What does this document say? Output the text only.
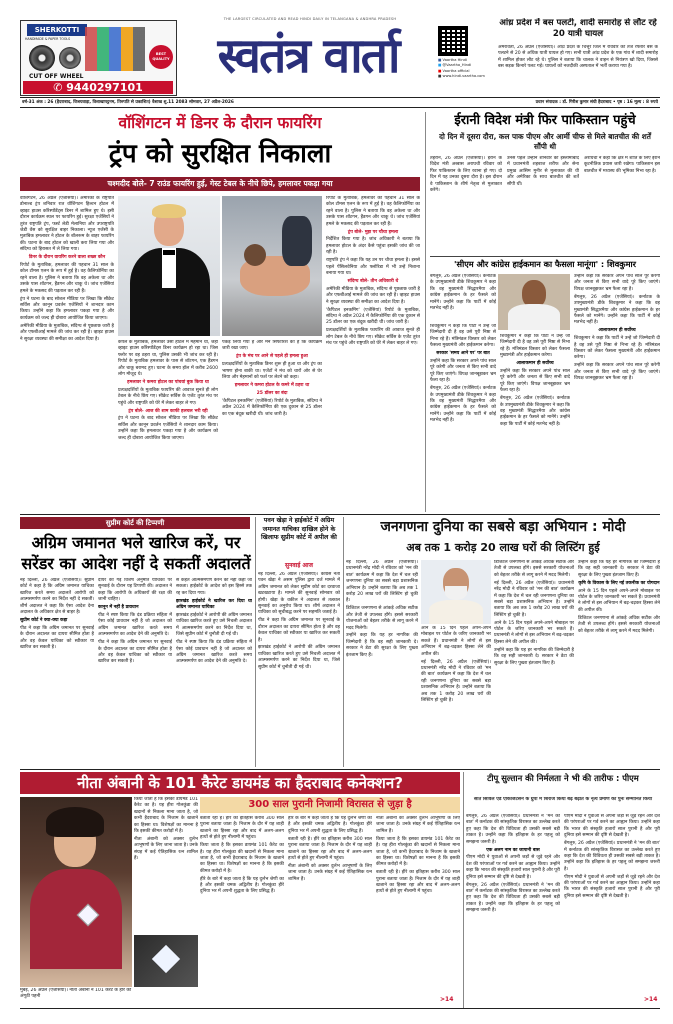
SHERKOTTI
HANDMADE & PAPER TOOLS
BEST QUALITY
CUT OFF WHEEL
✆ 9440297101
THE LARGEST CIRCULATED AND READ HINDI DAILY IN TELANGANA & ANDHRA PRADESH
स्वतंत्र वार्ता	■ Vaartha Hindi
■ @Vaartha_Hindi
■ Vaartha official
■ www.hindi.vaartha.com
आंध्र प्रदेश में बस पलटी, शादी समारोह से लौट रहे 20 यात्री घायल
अमरावती, 26 अप्रैल (एजेंसियां)। आंध्र प्रदेश के चित्तूर जिले में रविवार को तेज रफ्तार बस के पलटने से 20 से अधिक यात्री घायल हो गए। सभी यात्री आंध्र प्रदेश के एक गांव में शादी समारोह में शामिल होकर लौट रहे थे। पुलिस ने बताया कि चालक ने वाहन से नियंत्रण खो दिया, जिससे बस सड़क किनारे पलट गई। घायलों को नजदीकी अस्पताल में भर्ती कराया गया है।
वर्ष-31 अंक : 26 (हैदराबाद, विजयवाड़ा, विशाखापट्टनम, तिरुपति से प्रकाशित) वैशाख शु.11 2083 सोमवार, 27 अप्रैल-2026	प्रधान संपादक : डॉ. गिरीश कुमार संघी हैदराबाद • पृष्ठ : 16 मूल्य : 8 रुपये
वॉशिंगटन में डिनर के दौरान फायरिंग
ट्रंप को सुरक्षित निकाला
चश्मदीद बोले- 7 राउंड फायरिंग हुई, गेस्ट टेबल के नीचे छिपे, हमलावर पकड़ा गया

वॉशिंगटन, 26 अप्रैल (एजेंसियां)। अमेरिका के राष्ट्रपति डोनाल्ड ट्रंप शनिवार रात वॉशिंगटन हिल्टन होटल में व्हाइट हाउस कॉरेस्पोंडेंट्स डिनर में शामिल हुए थे। इसी दौरान कार्यक्रम स्थल पर फायरिंग हुई। सुरक्षा एजेंसियों ने तुरंत राष्ट्रपति ट्रंप, फर्स्ट लेडी मेलानिया और उपराष्ट्रपति जेडी वेंस को सुरक्षित बाहर निकाला। न्यूज एजेंसी के मुताबिक हमलावर ने होटल के बॉलरूम के बाहर फायरिंग की। घटना के बाद होटल को खाली करा लिया गया और संदिग्ध को हिरासत में ले लिया गया।

डिनर के दौरान वायरिंग करने वाला शख्स कौन

रिपोर्ट के मुताबिक, हमलावर की पहचान 31 साल के कोल टॉमस एलन के रूप में हुई है। वह कैलिफोर्निया का रहने वाला है। पुलिस ने बताया कि वह अकेला था और उसके पास शॉटगन, हैंडगन और चाकू थे। जांच एजेंसियां हमले के मकसद की पड़ताल कर रही हैं।

ट्रंप ने घटना के बाद सोशल मीडिया पर लिखा कि सीक्रेट सर्विस और कानून प्रवर्तन एजेंसियों ने शानदार काम किया। उन्होंने कहा कि हमलावर पकड़ा गया है और कार्यक्रम को जल्द ही दोबारा आयोजित किया जाएगा।

अमेरिकी मीडिया के मुताबिक, संदिग्ध से पूछताछ जारी है और एफबीआई मामले की जांच कर रही है। व्हाइट हाउस ने सुरक्षा व्यवस्था की समीक्षा का आदेश दिया है।

कैपल के मुताबिक, हमलावर उसी होटल में मेहमान था, जहां व्हाइट हाउस कॉरेस्पोंडेंट्स डिनर कार्यक्रम हो रहा था। जिस फ्लोर पर वह ठहरा था, पुलिस उसकी भी जांच कर रही है। रिपोर्ट के मुताबिक हमलावर के पास से शॉटगन, एक हैंडगन और चाकू बरामद हुए। घटना के समय हॉल में करीब 2600 लोग मौजूद थे।

हमलावर ने कमरा होटल का पांचवां बुक किया था

प्रत्यक्षदर्शियों के मुताबिक फायरिंग की आवाज सुनते ही लोग टेबल के नीचे छिप गए। सीक्रेट सर्विस के एजेंट तुरंत मंच पर पहुंचे और राष्ट्रपति को घेरे में लेकर बाहर ले गए।

ट्रंप बोले- आज की शाम काफी हलचल भरी रही

ट्रंप ने घटना के बाद सोशल मीडिया पर लिखा कि सीक्रेट सर्विस और कानून प्रवर्तन एजेंसियों ने शानदार काम किया। उन्होंने कहा कि हमलावर पकड़ा गया है और कार्यक्रम को जल्द ही दोबारा आयोजित किया जाएगा।

पकड़ लिया गया है और मैंने सिफारिश की है कि कार्यक्रम जारी रखा जाए।

ट्रंप के मंच पर आने से पहले ही हमला हुआ

प्रत्यक्षदर्शियों के मुताबिक डिनर शुरू ही हुआ था और ट्रंप का भाषण होना बाकी था। एजेंटों ने मंच को चारों ओर से घेर लिया और मेहमानों को फर्श पर लेटने को कहा।

हमलावर ने कमरा होटल के कमरे में ठहरा था

25 डॉलर का बंदा

'कैपिटल इनकमिंग' (एजेंसियां) रिपोर्ट के मुताबिक, संदिग्ध ने अप्रैल 2024 में कैलिफोर्निया की एक दुकान से 25 डॉलर का एक बंदूक खरीदी थी। जांच जारी है।

रिपोर्ट के मुताबिक, हमलावर की पहचान 31 साल के कोल टॉमस एलन के रूप में हुई है। वह कैलिफोर्निया का रहने वाला है। पुलिस ने बताया कि वह अकेला था और उसके पास शॉटगन, हैंडगन और चाकू थे। जांच एजेंसियां हमले के मकसद की पड़ताल कर रही हैं।

ट्रंप बोले- मुझ पर चौथा हमला

निर्देशित किया गया है। जांच अधिकारी ने बताया कि हमलावर होटल के अंदर कैसे पहुंचा इसकी जांच की जा रही है।

राष्ट्रपति ट्रंप ने कहा कि यह उन पर चौथा हमला है। इससे पहले पेंसिलवेनिया और फ्लोरिडा में भी उन्हें निशाना बनाया गया था।

संदिग्ध बोले- तीन अधिकारी थे

अमेरिकी मीडिया के मुताबिक, संदिग्ध से पूछताछ जारी है और एफबीआई मामले की जांच कर रही है। व्हाइट हाउस ने सुरक्षा व्यवस्था की समीक्षा का आदेश दिया है।

'कैपिटल इनकमिंग' (एजेंसियां) रिपोर्ट के मुताबिक, संदिग्ध ने अप्रैल 2024 में कैलिफोर्निया की एक दुकान से 25 डॉलर का एक बंदूक खरीदी थी। जांच जारी है।

प्रत्यक्षदर्शियों के मुताबिक फायरिंग की आवाज सुनते ही लोग टेबल के नीचे छिप गए। सीक्रेट सर्विस के एजेंट तुरंत मंच पर पहुंचे और राष्ट्रपति को घेरे में लेकर बाहर ले गए।

ईरानी विदेश मंत्री फिर पाकिस्तान पहुंचे
दो दिन में दूसरा दौरा, कल पाक पीएम और आर्मी चीफ से मिले बातचीत की शर्तें सौंपी थी
तेहरान, 26 अप्रैल (एजेंसियां)। ईरान के विदेश मंत्री अब्बास अराघची रविवार को फिर पाकिस्तान के लिए रवाना हो गए। दो दिन में यह उनका दूसरा दौरा है। इस दौरान वे पाकिस्तान के शीर्ष नेतृत्व से मुलाकात करेंगे।
उनसे पहले उन्होंने शनिवार को इस्लामाबाद में प्रधानमंत्री शहबाज शरीफ और सेना प्रमुख आसिम मुनीर से मुलाकात की थी और अमेरिका के साथ बातचीत की शर्तें सौंपी थीं।
अराघची ने कहा कि क्षेत्र में शांति के लिए ईरान कूटनीतिक प्रयास जारी रखेगा। पाकिस्तान इस बातचीत में मध्यस्थ की भूमिका निभा रहा है।
'सीएम और कांग्रेस हाईकमान का फैसला मानूंगा' : शिवकुमार

बेंगलुरु, 26 अप्रैल (एजेंसियां)। कर्नाटक के उपमुख्यमंत्री डीके शिवकुमार ने कहा कि वह मुख्यमंत्री सिद्धारमैया और कांग्रेस हाईकमान के हर फैसले को मानेंगे। उन्होंने कहा कि पार्टी में कोई मतभेद नहीं है।

शिवकुमार ने कहा कि पार्टी ने उन्हें जो जिम्मेदारी दी है वह उसे पूरी निष्ठा से निभा रहे हैं। मंत्रिमंडल विस्तार को लेकर फैसला मुख्यमंत्री और हाईकमान करेगा।

सरकार 'समय आने पर' पर बात

उन्होंने कहा कि सरकार अपने पांच साल पूरे करेगी और जनता से किए सभी वादे पूरे किए जाएंगे। विपक्ष जानबूझकर भ्रम फैला रहा है।

बेंगलुरु, 26 अप्रैल (एजेंसियां)। कर्नाटक के उपमुख्यमंत्री डीके शिवकुमार ने कहा कि वह मुख्यमंत्री सिद्धारमैया और कांग्रेस हाईकमान के हर फैसले को मानेंगे। उन्होंने कहा कि पार्टी में कोई मतभेद नहीं है।

शिवकुमार ने कहा कि पार्टी ने उन्हें जो जिम्मेदारी दी है वह उसे पूरी निष्ठा से निभा रहे हैं। मंत्रिमंडल विस्तार को लेकर फैसला मुख्यमंत्री और हाईकमान करेगा।

आलाकमान ही सर्वोच्च

उन्होंने कहा कि सरकार अपने पांच साल पूरे करेगी और जनता से किए सभी वादे पूरे किए जाएंगे। विपक्ष जानबूझकर भ्रम फैला रहा है।

बेंगलुरु, 26 अप्रैल (एजेंसियां)। कर्नाटक के उपमुख्यमंत्री डीके शिवकुमार ने कहा कि वह मुख्यमंत्री सिद्धारमैया और कांग्रेस हाईकमान के हर फैसले को मानेंगे। उन्होंने कहा कि पार्टी में कोई मतभेद नहीं है।

उन्होंने कहा कि सरकार अपने पांच साल पूरे करेगी और जनता से किए सभी वादे पूरे किए जाएंगे। विपक्ष जानबूझकर भ्रम फैला रहा है।

बेंगलुरु, 26 अप्रैल (एजेंसियां)। कर्नाटक के उपमुख्यमंत्री डीके शिवकुमार ने कहा कि वह मुख्यमंत्री सिद्धारमैया और कांग्रेस हाईकमान के हर फैसले को मानेंगे। उन्होंने कहा कि पार्टी में कोई मतभेद नहीं है।

आलाकमान ही सर्वोच्च

शिवकुमार ने कहा कि पार्टी ने उन्हें जो जिम्मेदारी दी है वह उसे पूरी निष्ठा से निभा रहे हैं। मंत्रिमंडल विस्तार को लेकर फैसला मुख्यमंत्री और हाईकमान करेगा।

उन्होंने कहा कि सरकार अपने पांच साल पूरे करेगी और जनता से किए सभी वादे पूरे किए जाएंगे। विपक्ष जानबूझकर भ्रम फैला रहा है।

सुप्रीम कोर्ट की टिप्पणी
अग्रिम जमानत भले खारिज करें, पर सरेंडर का आदेश नहीं दे सकतीं अदालतें

नई दिल्ली, 26 अप्रैल (एजेंसियां)। सुप्रीम कोर्ट ने कहा है कि अग्रिम जमानत याचिका खारिज करते समय अदालतें आरोपी को आत्मसमर्पण करने का निर्देश नहीं दे सकतीं। शीर्ष अदालत ने कहा कि ऐसा आदेश देना अदालत के अधिकार क्षेत्र से बाहर है।

सुप्रीम कोर्ट ने क्या-क्या कहा

पीठ ने कहा कि अग्रिम जमानत पर सुनवाई के दौरान अदालत का दायरा सीमित होता है और वह केवल याचिका को स्वीकार या खारिज कर सकती है।

दायर की गई विशेष अनुमति याचिका पर सुनवाई के दौरान यह टिप्पणी की। अदालत ने कहा कि आरोपी के अधिकारों की रक्षा की जानी चाहिए।

कानून में नहीं है प्रावधान

पीठ ने स्पष्ट किया कि दंड प्रक्रिया संहिता में ऐसा कोई प्रावधान नहीं है जो अदालत को अग्रिम जमानत खारिज करते समय आत्मसमर्पण का आदेश देने की अनुमति दे।

पीठ ने कहा कि अग्रिम जमानत पर सुनवाई के दौरान अदालत का दायरा सीमित होता है और वह केवल याचिका को स्वीकार या खारिज कर सकती है।

से कहते आत्मसमर्पण करने को नहीं कहा जा सकता। हाईकोर्ट के आदेश को इस हिस्से तक रद्द कर दिया गया।

झारखंड हाईकोर्ट ने खारिज कर दिया था अग्रिम जमानत याचिका

झारखंड हाईकोर्ट ने आरोपी की अग्रिम जमानत याचिका खारिज करते हुए उसे निचली अदालत में आत्मसमर्पण करने का निर्देश दिया था, जिसे सुप्रीम कोर्ट में चुनौती दी गई थी।

पीठ ने स्पष्ट किया कि दंड प्रक्रिया संहिता में ऐसा कोई प्रावधान नहीं है जो अदालत को अग्रिम जमानत खारिज करते समय आत्मसमर्पण का आदेश देने की अनुमति दे।

पवन खेड़ा ने हाईकोर्ट में अग्रिम जमानत याचिका दाखिल होने के खिलाफ सुप्रीम कोर्ट में अपील की
सुनवाई आज

नई दिल्ली, 26 अप्रैल (एजेंसियां)। कांग्रेस नेता पवन खेड़ा ने असम पुलिस द्वारा दर्ज मामले में अग्रिम जमानत को लेकर सुप्रीम कोर्ट का दरवाजा खटखटाया है। मामले की सुनवाई सोमवार को होगी। खेड़ा के वकील ने अदालत से तत्काल सुनवाई का अनुरोध किया था। शीर्ष अदालत ने याचिका को सूचीबद्ध करने पर सहमति जताई है।

पीठ ने कहा कि अग्रिम जमानत पर सुनवाई के दौरान अदालत का दायरा सीमित होता है और वह केवल याचिका को स्वीकार या खारिज कर सकती है।

झारखंड हाईकोर्ट ने आरोपी की अग्रिम जमानत याचिका खारिज करते हुए उसे निचली अदालत में आत्मसमर्पण करने का निर्देश दिया था, जिसे सुप्रीम कोर्ट में चुनौती दी गई थी।

जनगणना दुनिया का सबसे बड़ा अभियान : मोदी
अब तक 1 करोड़ 20 लाख घरों की लिस्टिंग हुई

नई दिल्ली, 26 अप्रैल (एजेंसियां)। प्रधानमंत्री नरेंद्र मोदी ने रविवार को 'मन की बात' कार्यक्रम में कहा कि देश में चल रही जनगणना दुनिया का सबसे बड़ा प्रशासनिक अभियान है। उन्होंने बताया कि अब तक 1 करोड़ 20 लाख घरों की लिस्टिंग हो चुकी है।

डिजिटल जनगणना से आंकड़े अधिक सटीक और तेजी से उपलब्ध होंगे। इससे सरकारी योजनाओं को बेहतर तरीके से लागू करने में मदद मिलेगी।

उन्होंने कहा कि यह हर नागरिक की जिम्मेदारी है कि वह सही जानकारी दे। सरकार ने डेटा की सुरक्षा के लिए पुख्ता इंतजाम किए हैं।

आने के 15 दिन पहले अपने-अपने मोबाइल पर पोर्टल के जरिए जानकारी भर सकते हैं। प्रधानमंत्री ने लोगों से इस अभियान में बढ़-चढ़कर हिस्सा लेने की अपील की।

नई दिल्ली, 26 अप्रैल (एजेंसियां)। प्रधानमंत्री नरेंद्र मोदी ने रविवार को 'मन की बात' कार्यक्रम में कहा कि देश में चल रही जनगणना दुनिया का सबसे बड़ा प्रशासनिक अभियान है। उन्होंने बताया कि अब तक 1 करोड़ 20 लाख घरों की लिस्टिंग हो चुकी है।

डिजिटल जनगणना से आंकड़े अधिक सटीक और तेजी से उपलब्ध होंगे। इससे सरकारी योजनाओं को बेहतर तरीके से लागू करने में मदद मिलेगी।

नई दिल्ली, 26 अप्रैल (एजेंसियां)। प्रधानमंत्री नरेंद्र मोदी ने रविवार को 'मन की बात' कार्यक्रम में कहा कि देश में चल रही जनगणना दुनिया का सबसे बड़ा प्रशासनिक अभियान है। उन्होंने बताया कि अब तक 1 करोड़ 20 लाख घरों की लिस्टिंग हो चुकी है।

आने के 15 दिन पहले अपने-अपने मोबाइल पर पोर्टल के जरिए जानकारी भर सकते हैं। प्रधानमंत्री ने लोगों से इस अभियान में बढ़-चढ़कर हिस्सा लेने की अपील की।

उन्होंने कहा कि यह हर नागरिक की जिम्मेदारी है कि वह सही जानकारी दे। सरकार ने डेटा की सुरक्षा के लिए पुख्ता इंतजाम किए हैं।

उन्होंने कहा कि यह हर नागरिक की जिम्मेदारी है कि वह सही जानकारी दे। सरकार ने डेटा की सुरक्षा के लिए पुख्ता इंतजाम किए हैं।

कृषि के विकास के लिए नई तकनीक का योगदान

आने के 15 दिन पहले अपने-अपने मोबाइल पर पोर्टल के जरिए जानकारी भर सकते हैं। प्रधानमंत्री ने लोगों से इस अभियान में बढ़-चढ़कर हिस्सा लेने की अपील की।

डिजिटल जनगणना से आंकड़े अधिक सटीक और तेजी से उपलब्ध होंगे। इससे सरकारी योजनाओं को बेहतर तरीके से लागू करने में मदद मिलेगी।

नीता अंबानी के 101 कैरेट डायमंड का हैदराबाद कनेक्शन?
300 साल पुरानी निजामी विरासत से जुड़ा है
मुंबई, 26 अप्रैल (एजेंसियां)। नीता अंबानी ने 101 कैरेट के हीरे की अंगूठी पहनी

किया जाता है कि इसका डायमंड 101 कैरेट का है। यह हीरा गोलकुंडा की खदानों से निकला माना जाता है, जो कभी हैदराबाद के निजाम के खजाने का हिस्सा था। विशेषज्ञों का मानना है कि इसकी कीमत करोड़ों में है।

नीता अंबानी को अक्सर दुर्लभ आभूषणों के लिए जाना जाता है। उनके संग्रह में कई ऐतिहासिक रत्न शामिल हैं।

बताती रही है। हीरे का इतिहास करीब 300 साल पुराना बताया जाता है। निजाम के दौर में यह शाही खजाने का हिस्सा रहा और बाद में अलग-अलग हाथों से होते हुए नीलामी में पहुंचा।

किया जाता है कि इसका डायमंड 101 कैरेट का है। यह हीरा गोलकुंडा की खदानों से निकला माना जाता है, जो कभी हैदराबाद के निजाम के खजाने का हिस्सा था। विशेषज्ञों का मानना है कि इसकी कीमत करोड़ों में है।

हीरे के बारे में कहा जाता है कि यह दुर्लभ श्रेणी का है और इसकी चमक अद्वितीय है। गोलकुंडा हीरे दुनिया भर में अपनी शुद्धता के लिए प्रसिद्ध हैं।

हीरे के बारे में कहा जाता है कि यह दुर्लभ श्रेणी का है और इसकी चमक अद्वितीय है। गोलकुंडा हीरे दुनिया भर में अपनी शुद्धता के लिए प्रसिद्ध हैं।

बताती रही है। हीरे का इतिहास करीब 300 साल पुराना बताया जाता है। निजाम के दौर में यह शाही खजाने का हिस्सा रहा और बाद में अलग-अलग हाथों से होते हुए नीलामी में पहुंचा।

नीता अंबानी को अक्सर दुर्लभ आभूषणों के लिए जाना जाता है। उनके संग्रह में कई ऐतिहासिक रत्न शामिल हैं।

नीता अंबानी को अक्सर दुर्लभ आभूषणों के लिए जाना जाता है। उनके संग्रह में कई ऐतिहासिक रत्न शामिल हैं।

किया जाता है कि इसका डायमंड 101 कैरेट का है। यह हीरा गोलकुंडा की खदानों से निकला माना जाता है, जो कभी हैदराबाद के निजाम के खजाने का हिस्सा था। विशेषज्ञों का मानना है कि इसकी कीमत करोड़ों में है।

बताती रही है। हीरे का इतिहास करीब 300 साल पुराना बताया जाता है। निजाम के दौर में यह शाही खजाने का हिस्सा रहा और बाद में अलग-अलग हाथों से होते हुए नीलामी में पहुंचा।

>14
टीपू सुल्तान की निर्मलता ने भी की तारीफ : पीएम
सात सिविल एंड एकिजिटेसन के ग्रुपों में शिराज किया बढ़े बढ़ीत के नृत्य प्रमाण को पुनः सम्मानित किया

बेंगलुरु, 26 अप्रैल (एजेंसियां)। प्रधानमंत्री ने 'मन की बात' में कर्नाटक की सांस्कृतिक विरासत का उल्लेख करते हुए कहा कि देश की विविधता ही उसकी सबसे बड़ी ताकत है। उन्होंने कहा कि इतिहास के हर पहलू को समझना जरूरी है।

एक अलग नाम का जापानी बास

पीएम मोदी ने युवाओं से अपनी जड़ों से जुड़े रहने और देश की परंपराओं पर गर्व करने का आह्वान किया। उन्होंने कहा कि भारत की संस्कृति हजारों साल पुरानी है और पूरी दुनिया इसे सम्मान की दृष्टि से देखती है।

बेंगलुरु, 26 अप्रैल (एजेंसियां)। प्रधानमंत्री ने 'मन की बात' में कर्नाटक की सांस्कृतिक विरासत का उल्लेख करते हुए कहा कि देश की विविधता ही उसकी सबसे बड़ी ताकत है। उन्होंने कहा कि इतिहास के हर पहलू को समझना जरूरी है।

पीएम मोदी ने युवाओं से अपनी जड़ों से जुड़े रहने और देश की परंपराओं पर गर्व करने का आह्वान किया। उन्होंने कहा कि भारत की संस्कृति हजारों साल पुरानी है और पूरी दुनिया इसे सम्मान की दृष्टि से देखती है।

बेंगलुरु, 26 अप्रैल (एजेंसियां)। प्रधानमंत्री ने 'मन की बात' में कर्नाटक की सांस्कृतिक विरासत का उल्लेख करते हुए कहा कि देश की विविधता ही उसकी सबसे बड़ी ताकत है। उन्होंने कहा कि इतिहास के हर पहलू को समझना जरूरी है।

पीएम मोदी ने युवाओं से अपनी जड़ों से जुड़े रहने और देश की परंपराओं पर गर्व करने का आह्वान किया। उन्होंने कहा कि भारत की संस्कृति हजारों साल पुरानी है और पूरी दुनिया इसे सम्मान की दृष्टि से देखती है।

>14
